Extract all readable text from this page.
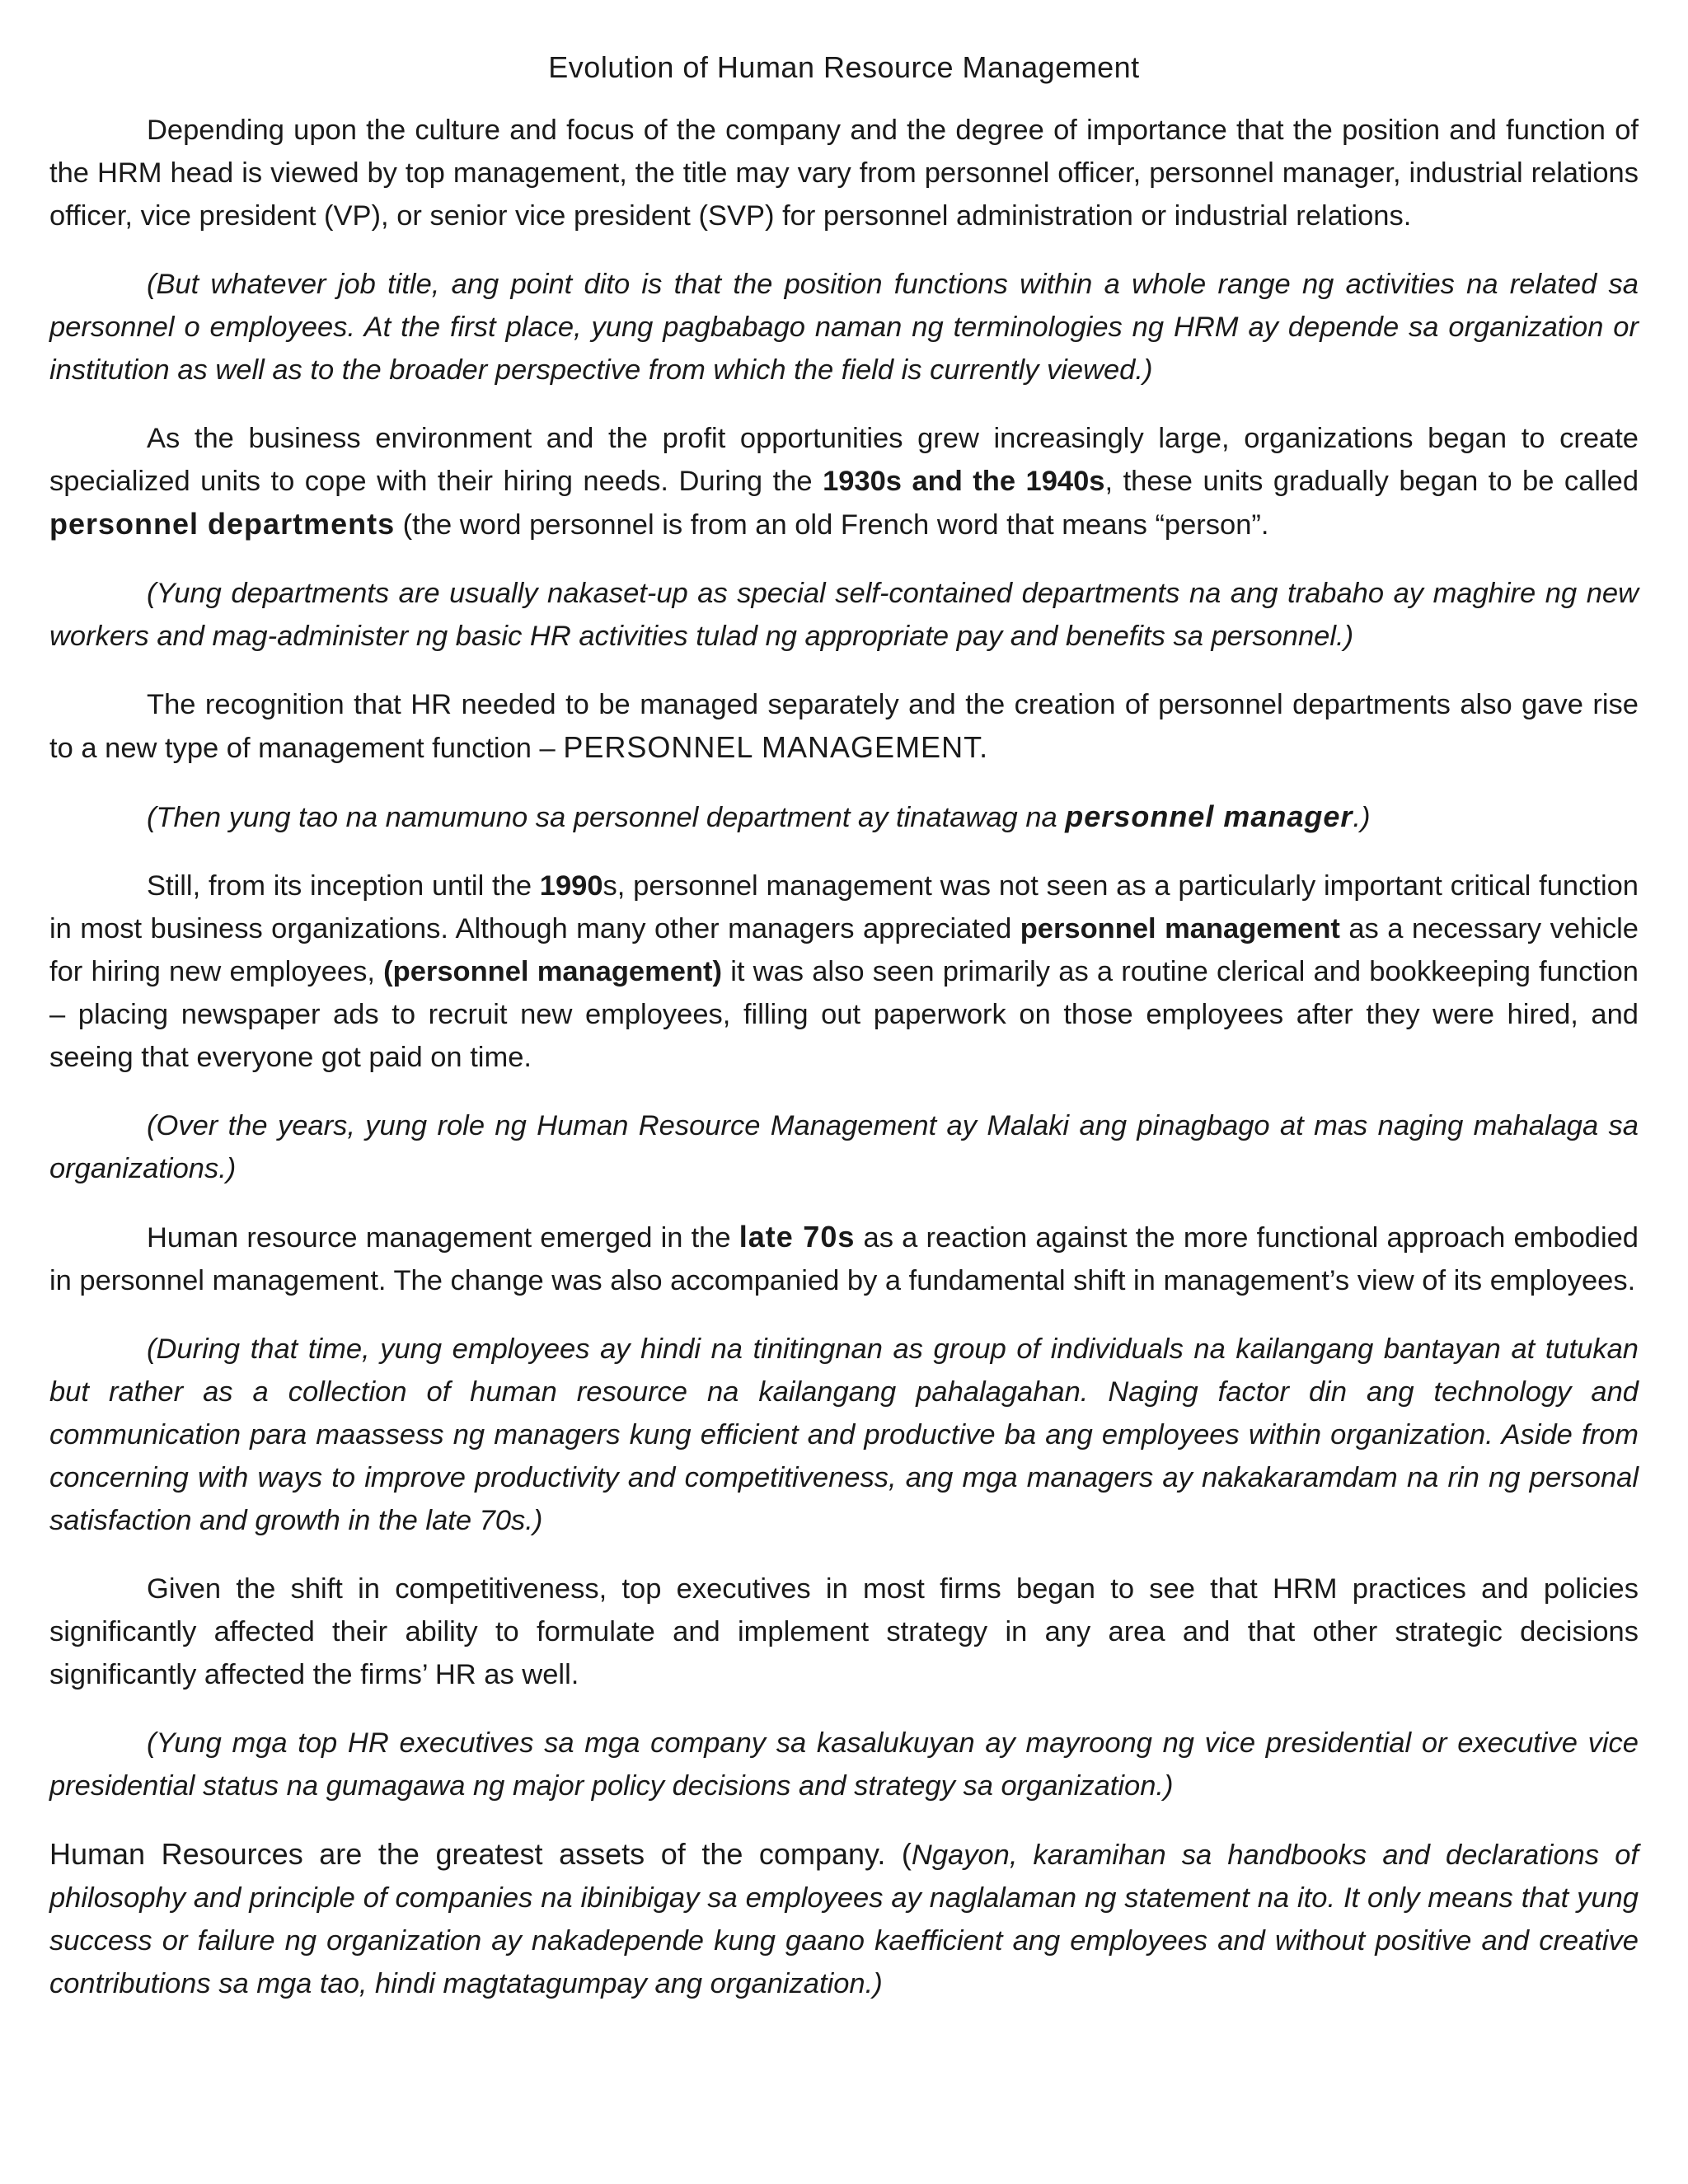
Evolution of Human Resource Management

Depending upon the culture and focus of the company and the degree of importance that the position and function of the HRM head is viewed by top management, the title may vary from personnel officer, personnel manager, industrial relations officer, vice president (VP), or senior vice president (SVP) for personnel administration or industrial relations.

(But whatever job title, ang point dito is that the position functions within a whole range ng activities na related sa personnel o employees. At the first place, yung pagbabago naman ng terminologies ng HRM ay depende sa organization or institution as well as to the broader perspective from which the field is currently viewed.)

As the business environment and the profit opportunities grew increasingly large, organizations began to create specialized units to cope with their hiring needs. During the 1930s and the 1940s, these units gradually began to be called personnel departments (the word personnel is from an old French word that means “person”.

(Yung departments are usually nakaset-up as special self-contained departments na ang trabaho ay maghire ng new workers and mag-administer ng basic HR activities tulad ng appropriate pay and benefits sa personnel.)

The recognition that HR needed to be managed separately and the creation of personnel departments also gave rise to a new type of management function – PERSONNEL MANAGEMENT.

(Then yung tao na namumuno sa personnel department ay tinatawag na personnel manager.)

Still, from its inception until the 1990s, personnel management was not seen as a particularly important critical function in most business organizations. Although many other managers appreciated personnel management as a necessary vehicle for hiring new employees, (personnel management) it was also seen primarily as a routine clerical and bookkeeping function – placing newspaper ads to recruit new employees, filling out paperwork on those employees after they were hired, and seeing that everyone got paid on time.

(Over the years, yung role ng Human Resource Management ay Malaki ang pinagbago at mas naging mahalaga sa organizations.)

Human resource management emerged in the late 70s as a reaction against the more functional approach embodied in personnel management. The change was also accompanied by a fundamental shift in management’s view of its employees.

(During that time, yung employees ay hindi na tinitingnan as group of individuals na kailangang bantayan at tutukan but rather as a collection of human resource na kailangang pahalagahan. Naging factor din ang technology and communication para maassess ng managers kung efficient and productive ba ang employees within organization. Aside from concerning with ways to improve productivity and competitiveness, ang mga managers ay nakakaramdam na rin ng personal satisfaction and growth in the late 70s.)

Given the shift in competitiveness, top executives in most firms began to see that HRM practices and policies significantly affected their ability to formulate and implement strategy in any area and that other strategic decisions significantly affected the firms’ HR as well.

(Yung mga top HR executives sa mga company sa kasalukuyan ay mayroong ng vice presidential or executive vice presidential status na gumagawa ng major policy decisions and strategy sa organization.)

Human Resources are the greatest assets of the company. (Ngayon, karamihan sa handbooks and declarations of philosophy and principle of companies na ibinibigay sa employees ay naglalaman ng statement na ito. It only means that yung success or failure ng organization ay nakadepende kung gaano kaefficient ang employees and without positive and creative contributions sa mga tao, hindi magtatagumpay ang organization.)
